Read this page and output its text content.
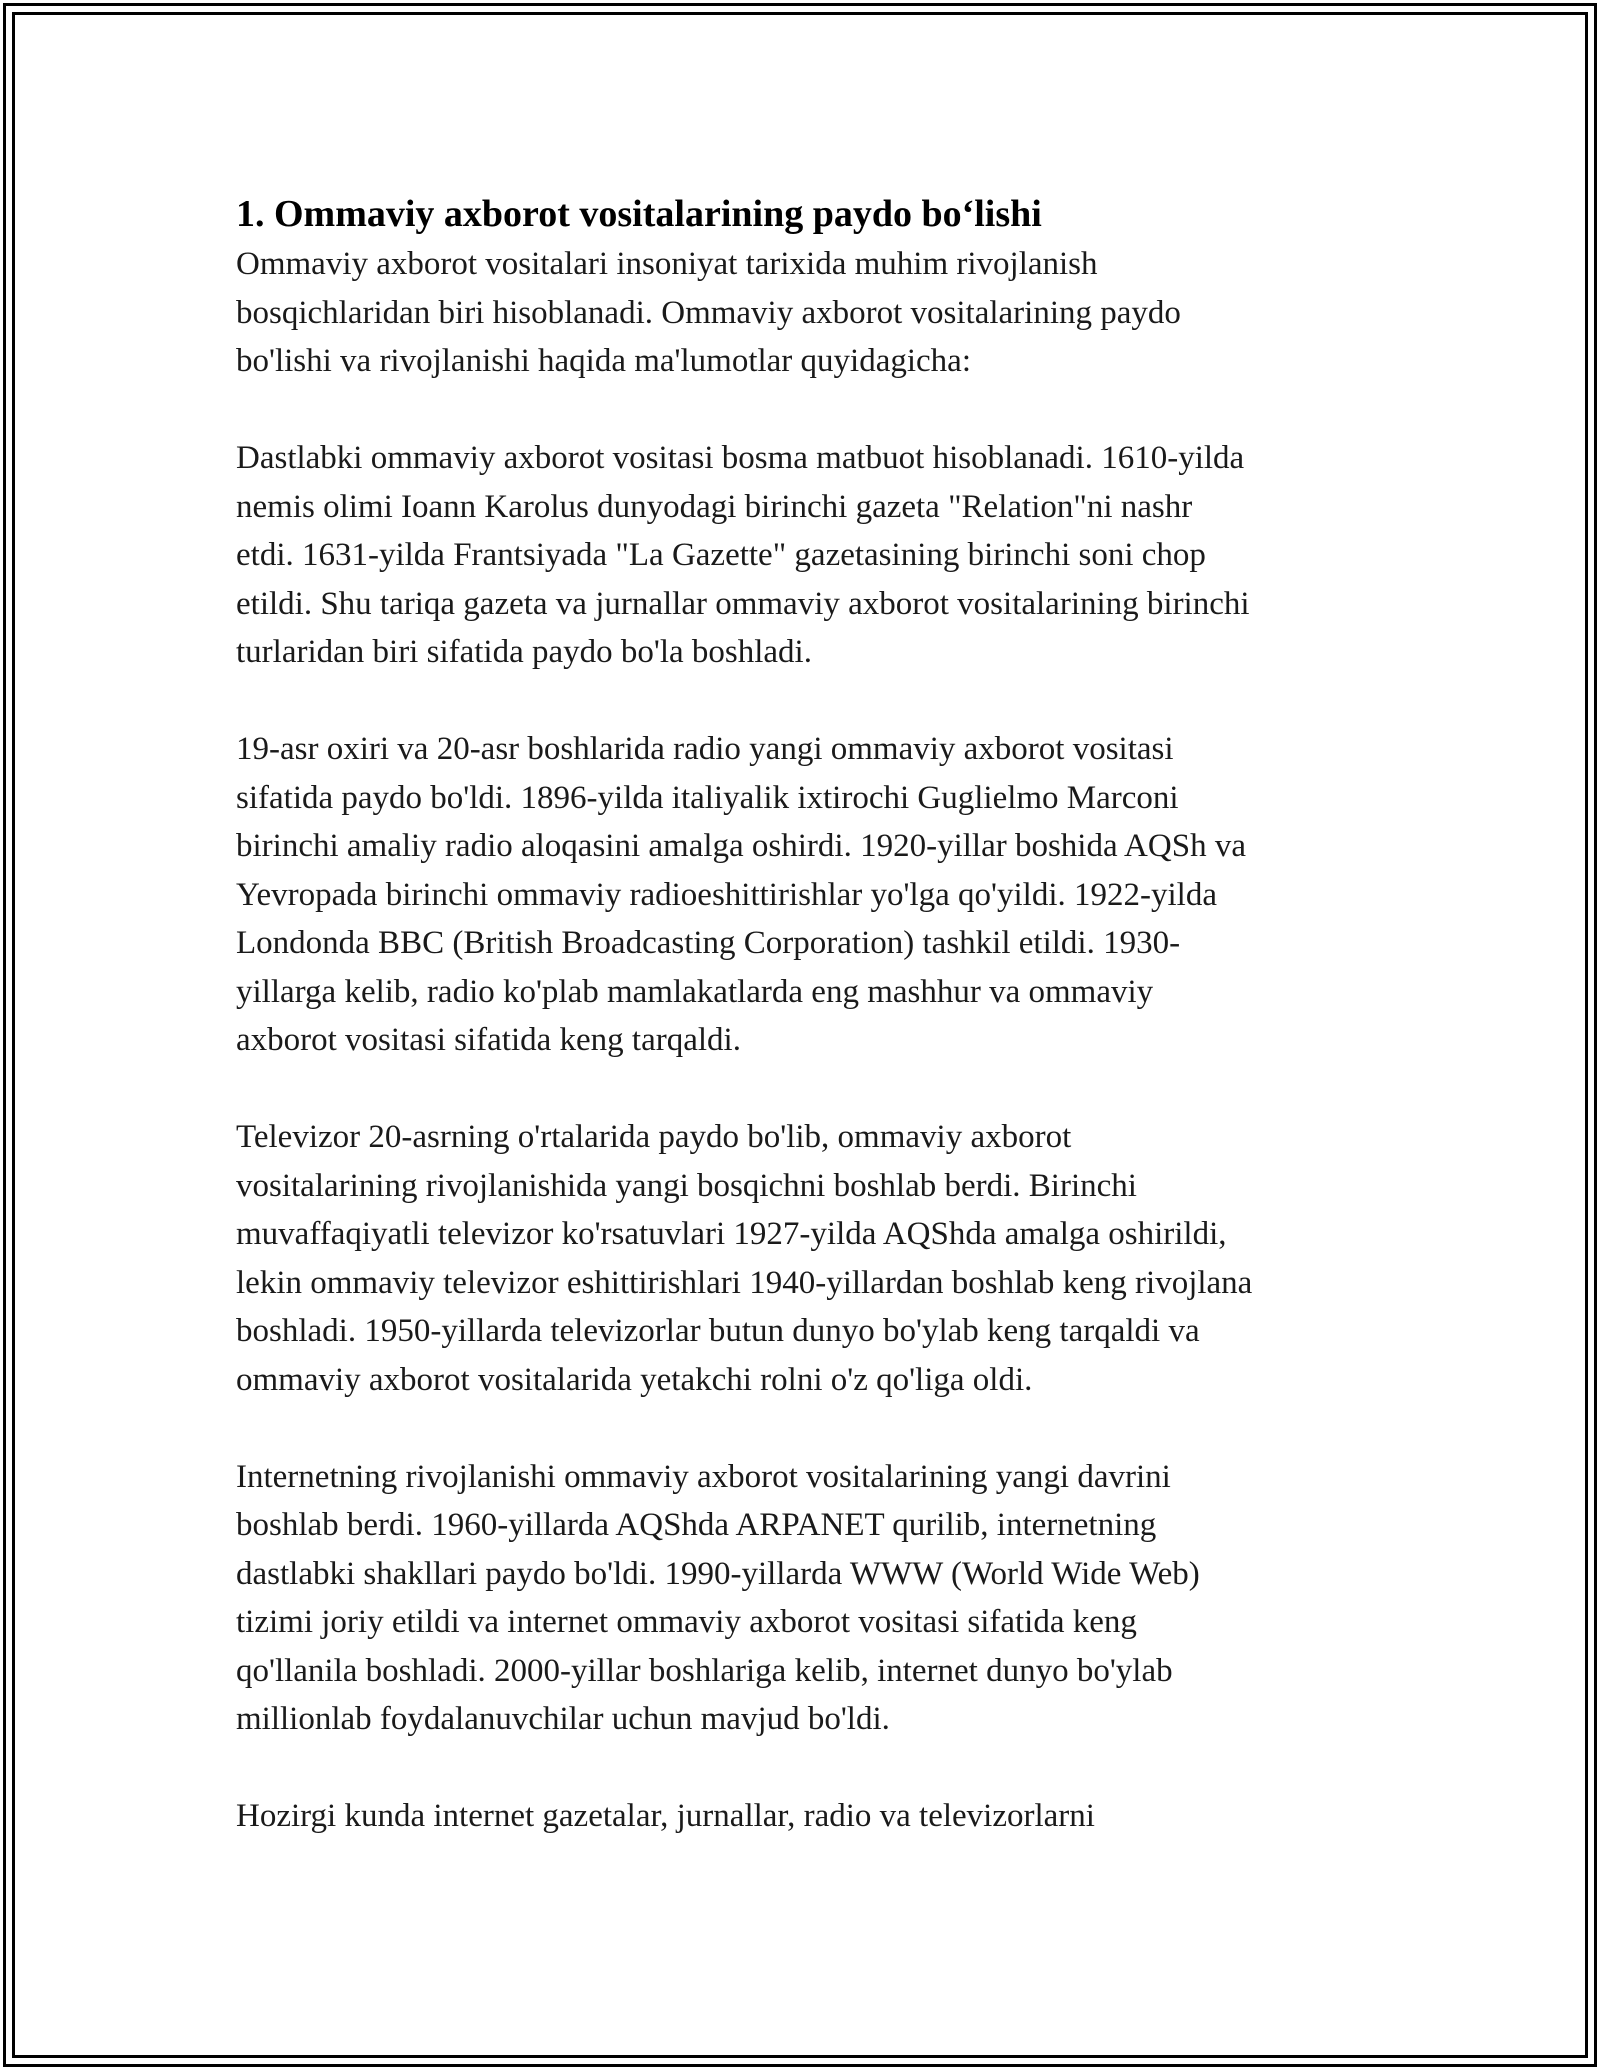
1. Ommaviy axborot vositalarining paydo bo‘lishi

Ommaviy axborot vositalari insoniyat tarixida muhim rivojlanish
bosqichlaridan biri hisoblanadi. Ommaviy axborot vositalarining paydo
bo'lishi va rivojlanishi haqida ma'lumotlar quyidagicha:

Dastlabki ommaviy axborot vositasi bosma matbuot hisoblanadi. 1610-yilda
nemis olimi Ioann Karolus dunyodagi birinchi gazeta "Relation"ni nashr
etdi. 1631-yilda Frantsiyada "La Gazette" gazetasining birinchi soni chop
etildi. Shu tariqa gazeta va jurnallar ommaviy axborot vositalarining birinchi
turlaridan biri sifatida paydo bo'la boshladi.

19-asr oxiri va 20-asr boshlarida radio yangi ommaviy axborot vositasi
sifatida paydo bo'ldi. 1896-yilda italiyalik ixtirochi Guglielmo Marconi
birinchi amaliy radio aloqasini amalga oshirdi. 1920-yillar boshida AQSh va
Yevropada birinchi ommaviy radioeshittirishlar yo'lga qo'yildi. 1922-yilda
Londonda BBC (British Broadcasting Corporation) tashkil etildi. 1930-
yillarga kelib, radio ko'plab mamlakatlarda eng mashhur va ommaviy
axborot vositasi sifatida keng tarqaldi.

Televizor 20-asrning o'rtalarida paydo bo'lib, ommaviy axborot
vositalarining rivojlanishida yangi bosqichni boshlab berdi. Birinchi
muvaffaqiyatli televizor ko'rsatuvlari 1927-yilda AQShda amalga oshirildi,
lekin ommaviy televizor eshittirishlari 1940-yillardan boshlab keng rivojlana
boshladi. 1950-yillarda televizorlar butun dunyo bo'ylab keng tarqaldi va
ommaviy axborot vositalarida yetakchi rolni o'z qo'liga oldi.

Internetning rivojlanishi ommaviy axborot vositalarining yangi davrini
boshlab berdi. 1960-yillarda AQShda ARPANET qurilib, internetning
dastlabki shakllari paydo bo'ldi. 1990-yillarda WWW (World Wide Web)
tizimi joriy etildi va internet ommaviy axborot vositasi sifatida keng
qo'llanila boshladi. 2000-yillar boshlariga kelib, internet dunyo bo'ylab
millionlab foydalanuvchilar uchun mavjud bo'ldi.

Hozirgi kunda internet gazetalar, jurnallar, radio va televizorlarni
